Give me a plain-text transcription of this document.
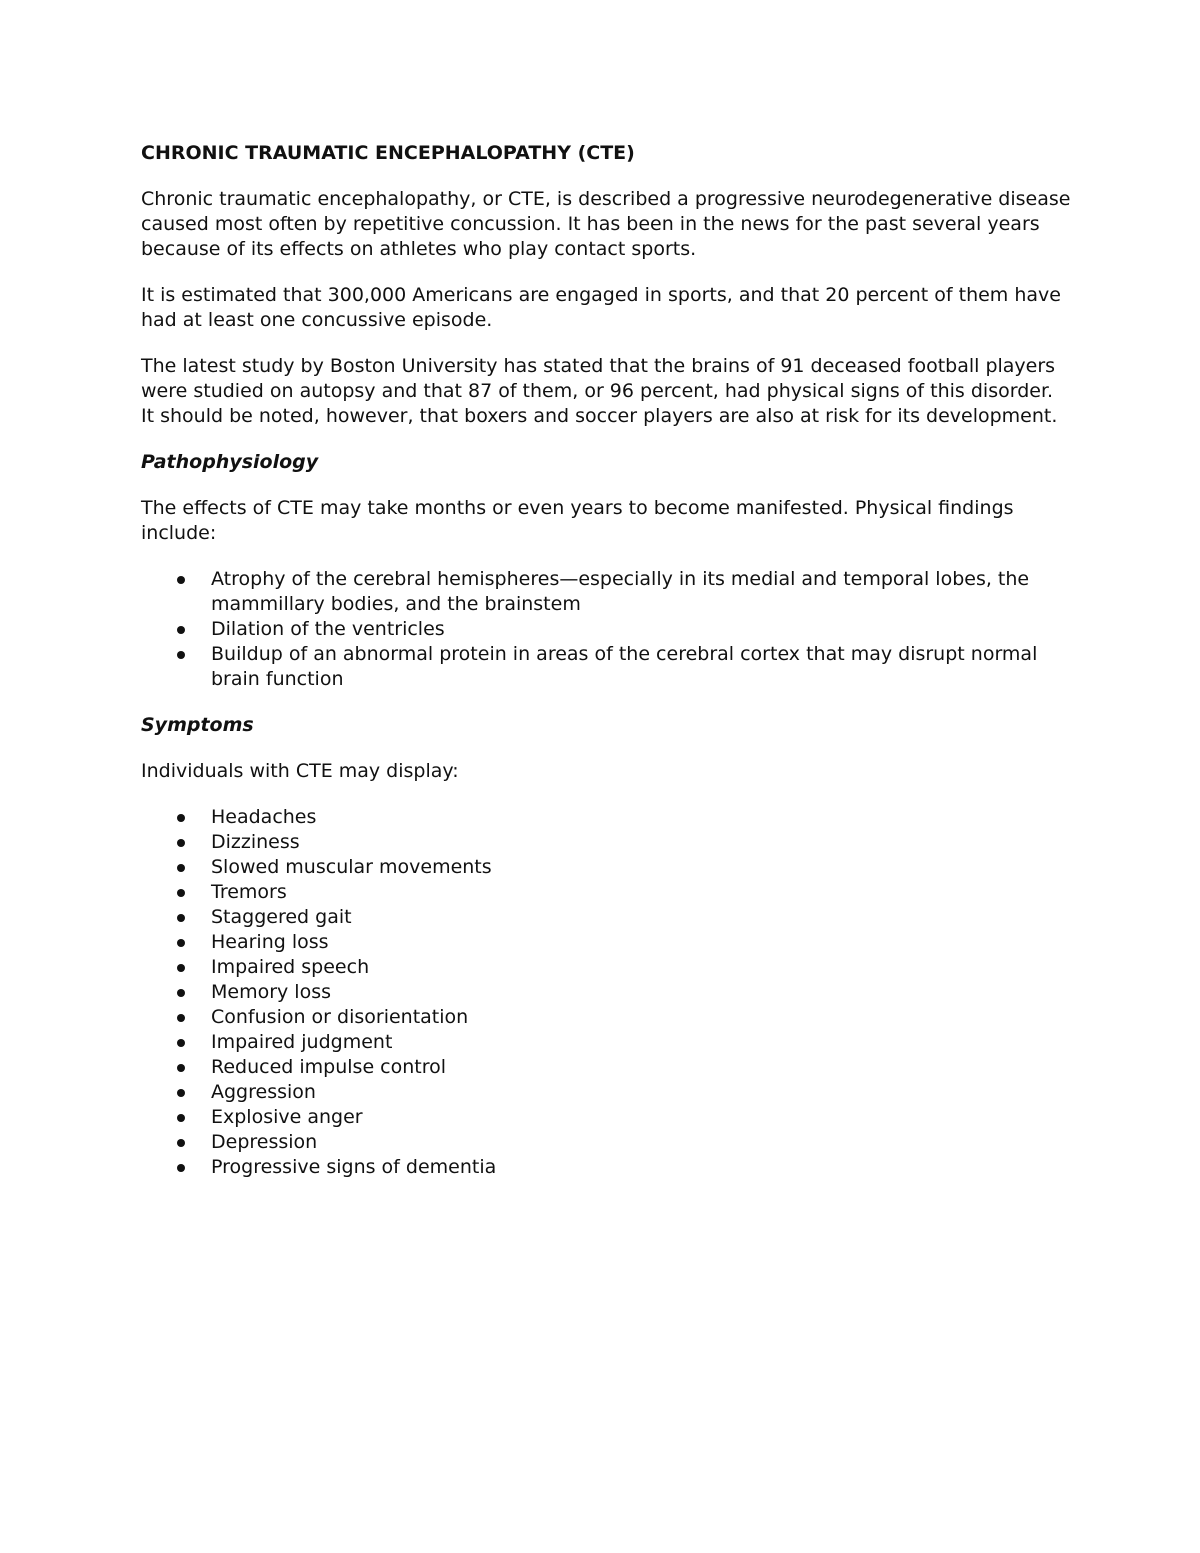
CHRONIC TRAUMATIC ENCEPHALOPATHY (CTE)

Chronic traumatic encephalopathy, or CTE, is described a progressive neurodegenerative disease caused most often by repetitive concussion. It has been in the news for the past several years because of its effects on athletes who play contact sports.

It is estimated that 300,000 Americans are engaged in sports, and that 20 percent of them have had at least one concussive episode.

The latest study by Boston University has stated that the brains of 91 deceased football players were studied on autopsy and that 87 of them, or 96 percent, had physical signs of this disorder. It should be noted, however, that boxers and soccer players are also at risk for its development.

Pathophysiology

The effects of CTE may take months or even years to become manifested. Physical findings include:

Atrophy of the cerebral hemispheres—especially in its medial and temporal lobes, the mammillary bodies, and the brainstem
Dilation of the ventricles
Buildup of an abnormal protein in areas of the cerebral cortex that may disrupt normal brain function
Symptoms

Individuals with CTE may display:

Headaches
Dizziness
Slowed muscular movements
Tremors
Staggered gait
Hearing loss
Impaired speech
Memory loss
Confusion or disorientation
Impaired judgment
Reduced impulse control
Aggression
Explosive anger
Depression
Progressive signs of dementia
